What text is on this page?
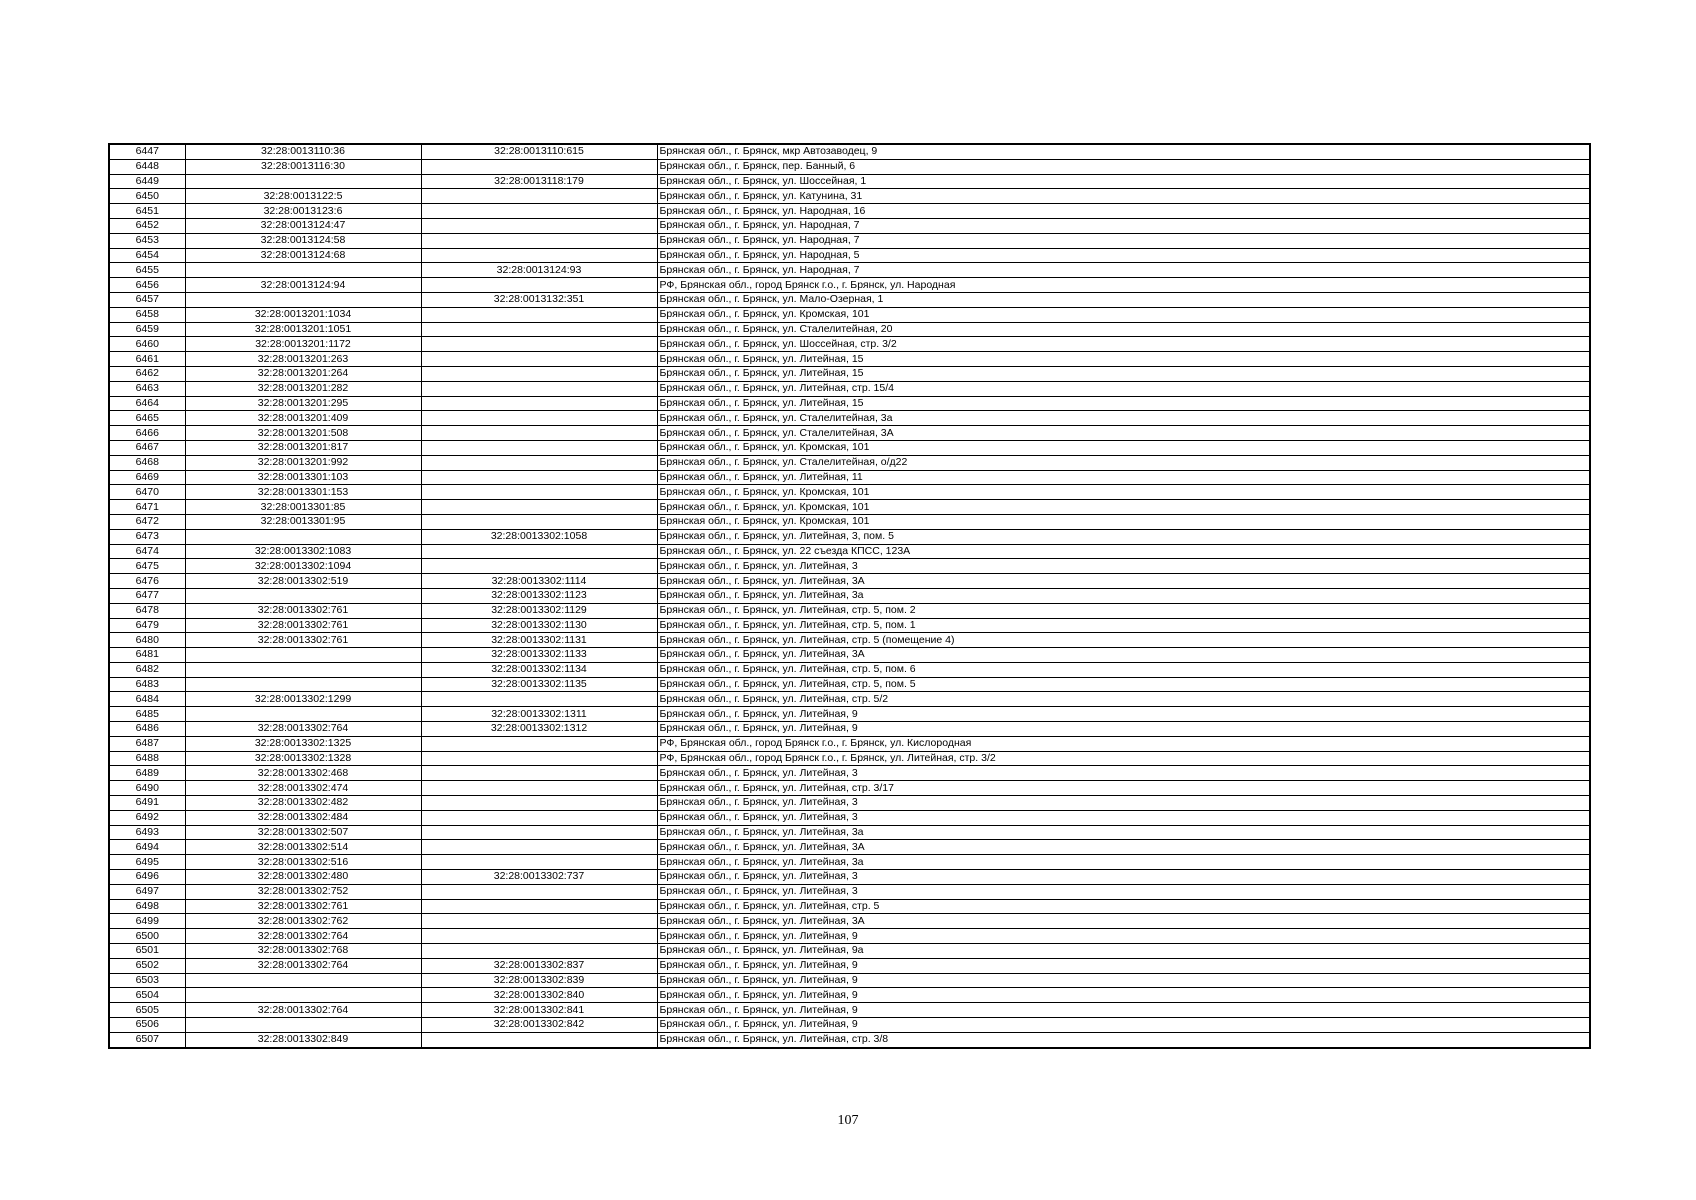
6447	32:28:0013110:36	32:28:0013110:615	Брянская обл., г. Брянск, мкр Автозаводец, 9
6448	32:28:0013116:30		Брянская обл., г. Брянск, пер. Банный, 6
6449		32:28:0013118:179	Брянская обл., г. Брянск, ул. Шоссейная, 1
6450	32:28:0013122:5		Брянская обл., г. Брянск, ул. Катунина, 31
6451	32:28:0013123:6		Брянская обл., г. Брянск, ул. Народная, 16
6452	32:28:0013124:47		Брянская обл., г. Брянск, ул. Народная, 7
6453	32:28:0013124:58		Брянская обл., г. Брянск, ул. Народная, 7
6454	32:28:0013124:68		Брянская обл., г. Брянск, ул. Народная, 5
6455		32:28:0013124:93	Брянская обл., г. Брянск, ул. Народная, 7
6456	32:28:0013124:94		РФ, Брянская обл., город Брянск г.о., г. Брянск, ул. Народная
6457		32:28:0013132:351	Брянская обл., г. Брянск, ул. Мало-Озерная, 1
6458	32:28:0013201:1034		Брянская обл., г. Брянск, ул. Кромская, 101
6459	32:28:0013201:1051		Брянская обл., г. Брянск, ул. Сталелитейная, 20
6460	32:28:0013201:1172		Брянская обл., г. Брянск, ул. Шоссейная, стр. 3/2
6461	32:28:0013201:263		Брянская обл., г. Брянск, ул. Литейная, 15
6462	32:28:0013201:264		Брянская обл., г. Брянск, ул. Литейная, 15
6463	32:28:0013201:282		Брянская обл., г. Брянск, ул. Литейная, стр. 15/4
6464	32:28:0013201:295		Брянская обл., г. Брянск, ул. Литейная, 15
6465	32:28:0013201:409		Брянская обл., г. Брянск, ул. Сталелитейная, 3а
6466	32:28:0013201:508		Брянская обл., г. Брянск, ул. Сталелитейная, 3А
6467	32:28:0013201:817		Брянская обл., г. Брянск, ул. Кромская, 101
6468	32:28:0013201:992		Брянская обл., г. Брянск, ул. Сталелитейная, о/д22
6469	32:28:0013301:103		Брянская обл., г. Брянск, ул. Литейная, 11
6470	32:28:0013301:153		Брянская обл., г. Брянск, ул. Кромская, 101
6471	32:28:0013301:85		Брянская обл., г. Брянск, ул. Кромская, 101
6472	32:28:0013301:95		Брянская обл., г. Брянск, ул. Кромская, 101
6473		32:28:0013302:1058	Брянская обл., г. Брянск, ул. Литейная, 3, пом. 5
6474	32:28:0013302:1083		Брянская обл., г. Брянск, ул. 22 съезда КПСС, 123А
6475	32:28:0013302:1094		Брянская обл., г. Брянск, ул. Литейная, 3
6476	32:28:0013302:519	32:28:0013302:1114	Брянская обл., г. Брянск, ул. Литейная, 3А
6477		32:28:0013302:1123	Брянская обл., г. Брянск, ул. Литейная, 3а
6478	32:28:0013302:761	32:28:0013302:1129	Брянская обл., г. Брянск, ул. Литейная, стр. 5, пом. 2
6479	32:28:0013302:761	32:28:0013302:1130	Брянская обл., г. Брянск, ул. Литейная, стр. 5, пом. 1
6480	32:28:0013302:761	32:28:0013302:1131	Брянская обл., г. Брянск, ул. Литейная, стр. 5 (помещение 4)
6481		32:28:0013302:1133	Брянская обл., г. Брянск, ул. Литейная, 3А
6482		32:28:0013302:1134	Брянская обл., г. Брянск, ул. Литейная, стр. 5, пом. 6
6483		32:28:0013302:1135	Брянская обл., г. Брянск, ул. Литейная, стр. 5, пом. 5
6484	32:28:0013302:1299		Брянская обл., г. Брянск, ул. Литейная, стр. 5/2
6485		32:28:0013302:1311	Брянская обл., г. Брянск, ул. Литейная, 9
6486	32:28:0013302:764	32:28:0013302:1312	Брянская обл., г. Брянск, ул. Литейная, 9
6487	32:28:0013302:1325		РФ, Брянская обл., город Брянск г.о., г. Брянск, ул. Кислородная
6488	32:28:0013302:1328		РФ, Брянская обл., город Брянск г.о., г. Брянск, ул. Литейная, стр. 3/2
6489	32:28:0013302:468		Брянская обл., г. Брянск, ул. Литейная, 3
6490	32:28:0013302:474		Брянская обл., г. Брянск, ул. Литейная, стр. 3/17
6491	32:28:0013302:482		Брянская обл., г. Брянск, ул. Литейная, 3
6492	32:28:0013302:484		Брянская обл., г. Брянск, ул. Литейная, 3
6493	32:28:0013302:507		Брянская обл., г. Брянск, ул. Литейная, 3а
6494	32:28:0013302:514		Брянская обл., г. Брянск, ул. Литейная, 3А
6495	32:28:0013302:516		Брянская обл., г. Брянск, ул. Литейная, 3а
6496	32:28:0013302:480	32:28:0013302:737	Брянская обл., г. Брянск, ул. Литейная, 3
6497	32:28:0013302:752		Брянская обл., г. Брянск, ул. Литейная, 3
6498	32:28:0013302:761		Брянская обл., г. Брянск, ул. Литейная, стр. 5
6499	32:28:0013302:762		Брянская обл., г. Брянск, ул. Литейная, 3А
6500	32:28:0013302:764		Брянская обл., г. Брянск, ул. Литейная, 9
6501	32:28:0013302:768		Брянская обл., г. Брянск, ул. Литейная, 9а
6502	32:28:0013302:764	32:28:0013302:837	Брянская обл., г. Брянск, ул. Литейная, 9
6503		32:28:0013302:839	Брянская обл., г. Брянск, ул. Литейная, 9
6504		32:28:0013302:840	Брянская обл., г. Брянск, ул. Литейная, 9
6505	32:28:0013302:764	32:28:0013302:841	Брянская обл., г. Брянск, ул. Литейная, 9
6506		32:28:0013302:842	Брянская обл., г. Брянск, ул. Литейная, 9
6507	32:28:0013302:849		Брянская обл., г. Брянск, ул. Литейная, стр. 3/8
107
